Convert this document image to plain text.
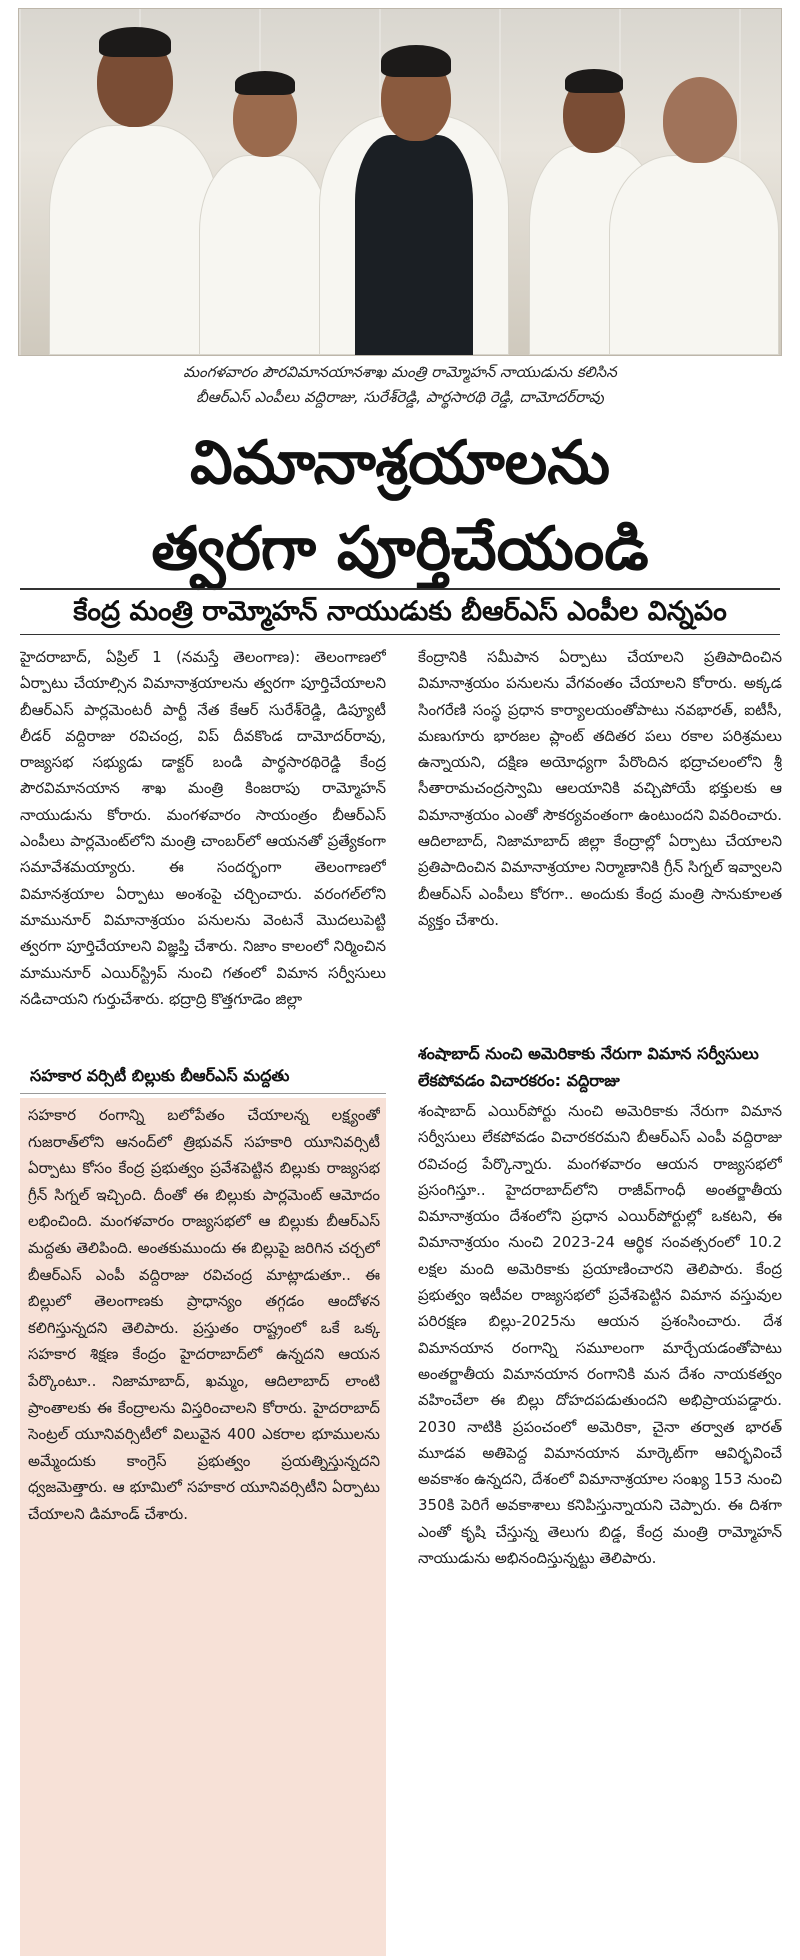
మంగళవారం పౌరవిమానయానశాఖ మంత్రి రామ్మోహన్ నాయుడును కలిసిన
బీఆర్ఎస్ ఎంపీలు వద్దిరాజు, సురేశ్‌రెడ్డి, పార్థసారథి రెడ్డి, దామోదర్‌రావు
విమానాశ్రయాలను
త్వరగా పూర్తిచేయండి
కేంద్ర మంత్రి రామ్మోహన్ నాయుడుకు బీఆర్ఎస్ ఎంపీల విన్నపం

హైదరాబాద్, ఏప్రిల్ 1 (నమస్తే తెలంగాణ): తెలంగాణలో ఏర్పాటు చేయాల్సిన విమానాశ్రయాలను త్వరగా పూర్తిచేయాలని బీఆర్ఎస్ పార్లమెంటరీ పార్టీ నేత కేఆర్ సురేశ్‌రెడ్డి, డిప్యూటీ లీడర్ వద్దిరాజు రవిచంద్ర, విప్ దీవకొండ దామోదర్‌రావు, రాజ్యసభ సభ్యుడు డాక్టర్ బండి పార్థసారథిరెడ్డి కేంద్ర పౌరవిమానయాన శాఖ మంత్రి కింజరాపు రామ్మోహన్ నాయుడును కోరారు. మంగళవారం సాయంత్రం బీఆర్ఎస్ ఎంపీలు పార్లమెంట్‌లోని మంత్రి చాంబర్‌లో ఆయనతో ప్రత్యేకంగా సమావేశమయ్యారు. ఈ సందర్భంగా తెలంగాణలో విమానశ్రయాల ఏర్పాటు అంశంపై చర్చించారు. వరంగల్‌లోని మామునూర్ విమానాశ్రయం పనులను వెంటనే మొదలుపెట్టి త్వరగా పూర్తిచేయాలని విజ్ఞప్తి చేశారు. నిజాం కాలంలో నిర్మించిన మామునూర్ ఎయిర్‌స్ట్రిప్ నుంచి గతంలో విమాన సర్వీసులు నడిచాయని గుర్తుచేశారు. భద్రాద్రి కొత్తగూడెం జిల్లా

కేంద్రానికి సమీపాన ఏర్పాటు చేయాలని ప్రతిపాదించిన విమానాశ్రయం పనులను వేగవంతం చేయాలని కోరారు. అక్కడ సింగరేణి సంస్థ ప్రధాన కార్యాలయంతోపాటు నవభారత్, ఐటీసీ, మణుగూరు భారజల ప్లాంట్ తదితర పలు రకాల పరిశ్రమలు ఉన్నాయని, దక్షిణ అయోధ్యగా పేరొందిన భద్రాచలంలోని శ్రీ సీతారామచంద్రస్వామి ఆలయానికి వచ్చిపోయే భక్తులకు ఆ విమానాశ్రయం ఎంతో సౌకర్యవంతంగా ఉంటుందని వివరించారు. ఆదిలాబాద్, నిజామాబాద్ జిల్లా కేంద్రాల్లో ఏర్పాటు చేయాలని ప్రతిపాదించిన విమానాశ్రయాల నిర్మాణానికి గ్రీన్ సిగ్నల్ ఇవ్వాలని బీఆర్ఎస్ ఎంపీలు కోరగా.. అందుకు కేంద్ర మంత్రి సానుకూలత వ్యక్తం చేశారు.

సహకార వర్సిటీ బిల్లుకు బీఆర్ఎస్ మద్దతు

సహకార రంగాన్ని బలోపేతం చేయాలన్న లక్ష్యంతో గుజరాత్‌లోని ఆనంద్‌లో త్రిభువన్ సహకారి యూనివర్సిటీ ఏర్పాటు కోసం కేంద్ర ప్రభుత్వం ప్రవేశపెట్టిన బిల్లుకు రాజ్యసభ గ్రీన్ సిగ్నల్ ఇచ్చింది. దీంతో ఈ బిల్లుకు పార్లమెంట్ ఆమోదం లభించింది. మంగళవారం రాజ్యసభలో ఆ బిల్లుకు బీఆర్ఎస్ మద్దతు తెలిపింది. అంతకుముందు ఈ బిల్లుపై జరిగిన చర్చలో బీఆర్ఎస్ ఎంపీ వద్దిరాజు రవిచంద్ర మాట్లాడుతూ.. ఈ బిల్లులో తెలంగాణకు ప్రాధాన్యం తగ్గడం ఆందోళన కలిగిస్తున్నదని తెలిపారు. ప్రస్తుతం రాష్ట్రంలో ఒకే ఒక్క సహకార శిక్షణ కేంద్రం హైదరాబాద్‌లో ఉన్నదని ఆయన పేర్కొంటూ.. నిజామాబాద్, ఖమ్మం, ఆదిలాబాద్ లాంటి ప్రాంతాలకు ఈ కేంద్రాలను విస్తరించాలని కోరారు. హైదరాబాద్ సెంట్రల్ యూనివర్సిటీలో విలువైన 400 ఎకరాల భూములను అమ్మేందుకు కాంగ్రెస్ ప్రభుత్వం ప్రయత్నిస్తున్నదని ధ్వజమెత్తారు. ఆ భూమిలో సహకార యూనివర్సిటీని ఏర్పాటు చేయాలని డిమాండ్ చేశారు.

శంషాబాద్ నుంచి అమెరికాకు నేరుగా విమాన సర్వీసులు లేకపోవడం విచారకరం: వద్దిరాజు

శంషాబాద్ ఎయిర్‌పోర్టు నుంచి అమెరికాకు నేరుగా విమాన సర్వీసులు లేకపోవడం విచారకరమని బీఆర్ఎస్ ఎంపీ వద్దిరాజు రవిచంద్ర పేర్కొన్నారు. మంగళవారం ఆయన రాజ్యసభలో ప్రసంగిస్తూ.. హైదరాబాద్‌లోని రాజీవ్‌గాంధీ అంతర్జాతీయ విమానాశ్రయం దేశంలోని ప్రధాన ఎయిర్‌పోర్టుల్లో ఒకటని, ఈ విమానాశ్రయం నుంచి 2023-24 ఆర్థిక సంవత్సరంలో 10.2 లక్షల మంది అమెరికాకు ప్రయాణించారని తెలిపారు. కేంద్ర ప్రభుత్వం ఇటీవల రాజ్యసభలో ప్రవేశపెట్టిన విమాన వస్తువుల పరిరక్షణ బిల్లు-2025ను ఆయన ప్రశంసించారు. దేశ విమానయాన రంగాన్ని సమూలంగా మార్చేయడంతోపాటు అంతర్జాతీయ విమానయాన రంగానికి మన దేశం నాయకత్వం వహించేలా ఈ బిల్లు దోహదపడుతుందని అభిప్రాయపడ్డారు. 2030 నాటికి ప్రపంచంలో అమెరికా, చైనా తర్వాత భారత్ మూడవ అతిపెద్ద విమానయాన మార్కెట్‌గా ఆవిర్భవించే అవకాశం ఉన్నదని, దేశంలో విమానాశ్రయాల సంఖ్య 153 నుంచి 350కి పెరిగే అవకాశాలు కనిపిస్తున్నాయని చెప్పారు. ఈ దిశగా ఎంతో కృషి చేస్తున్న తెలుగు బిడ్డ, కేంద్ర మంత్రి రామ్మోహన్ నాయుడును అభినందిస్తున్నట్టు తెలిపారు.
